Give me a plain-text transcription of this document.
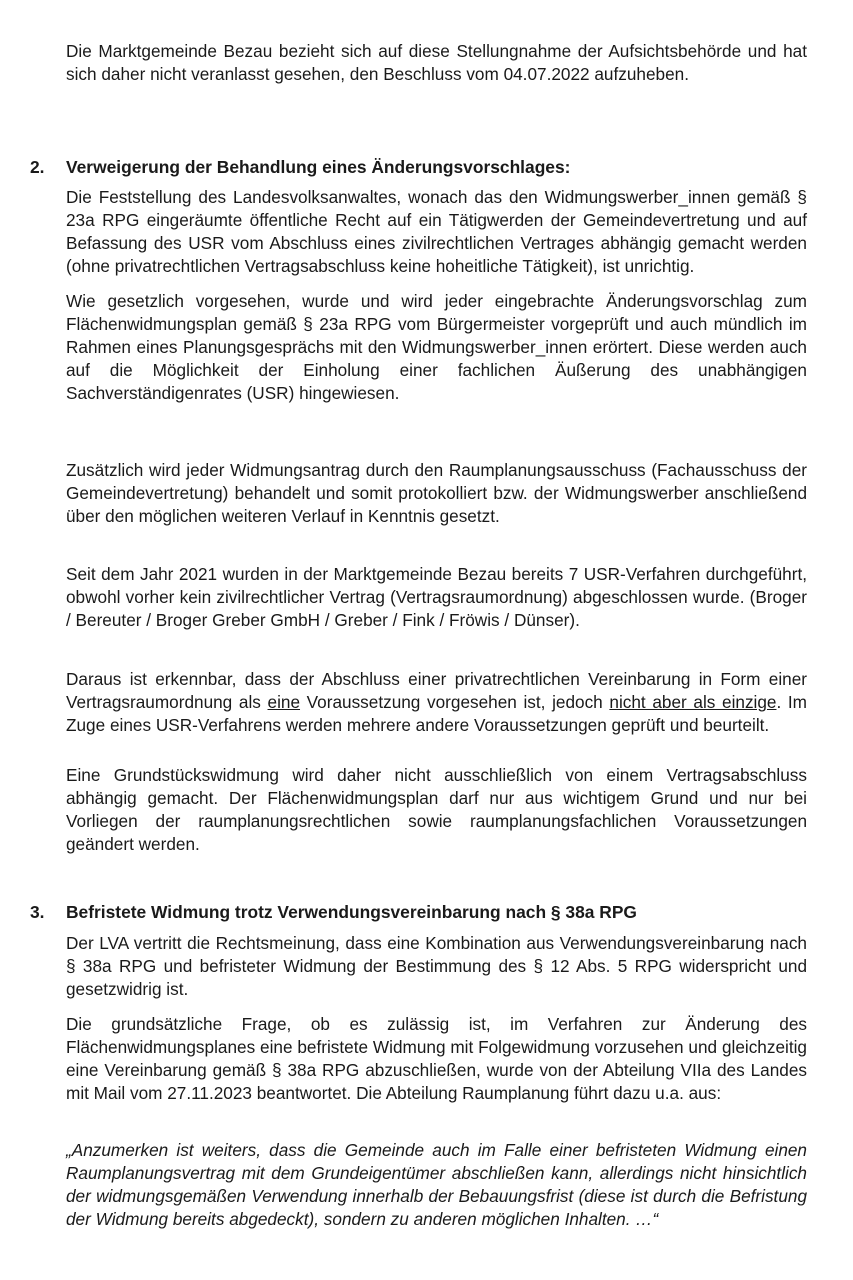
Die Marktgemeinde Bezau bezieht sich auf diese Stellungnahme der Aufsichtsbehörde und hat sich daher nicht veranlasst gesehen, den Beschluss vom 04.07.2022 aufzuheben.

2. Verweigerung der Behandlung eines Änderungsvorschlages:

Die Feststellung des Landesvolksanwaltes, wonach das den Widmungswerber_innen gemäß § 23a RPG eingeräumte öffentliche Recht auf ein Tätigwerden der Gemeindevertretung und auf Befassung des USR vom Abschluss eines zivilrechtlichen Vertrages abhängig gemacht werden (ohne privatrechtlichen Vertragsabschluss keine hoheitliche Tätigkeit), ist unrichtig.

Wie gesetzlich vorgesehen, wurde und wird jeder eingebrachte Änderungsvorschlag zum Flächenwidmungsplan gemäß § 23a RPG vom Bürgermeister vorgeprüft und auch mündlich im Rahmen eines Planungsgesprächs mit den Widmungswerber_innen erörtert. Diese werden auch auf die Möglichkeit der Einholung einer fachlichen Äußerung des unabhängigen Sachverständigenrates (USR) hingewiesen.

Zusätzlich wird jeder Widmungsantrag durch den Raumplanungsausschuss (Fachausschuss der Gemeindevertretung) behandelt und somit protokolliert bzw. der Widmungswerber anschließend über den möglichen weiteren Verlauf in Kenntnis gesetzt.

Seit dem Jahr 2021 wurden in der Marktgemeinde Bezau bereits 7 USR-Verfahren durchgeführt, obwohl vorher kein zivilrechtlicher Vertrag (Vertragsraumordnung) abgeschlossen wurde. (Broger / Bereuter / Broger Greber GmbH / Greber / Fink / Fröwis / Dünser).

Daraus ist erkennbar, dass der Abschluss einer privatrechtlichen Vereinbarung in Form einer Vertragsraumordnung als eine Voraussetzung vorgesehen ist, jedoch nicht aber als einzige. Im Zuge eines USR-Verfahrens werden mehrere andere Voraussetzungen geprüft und beurteilt.

Eine Grundstückswidmung wird daher nicht ausschließlich von einem Vertragsabschluss abhängig gemacht. Der Flächenwidmungsplan darf nur aus wichtigem Grund und nur bei Vorliegen der raumplanungsrechtlichen sowie raumplanungsfachlichen Voraussetzungen geändert werden.

3. Befristete Widmung trotz Verwendungsvereinbarung nach § 38a RPG

Der LVA vertritt die Rechtsmeinung, dass eine Kombination aus Verwendungsvereinbarung nach § 38a RPG und befristeter Widmung der Bestimmung des § 12 Abs. 5 RPG widerspricht und gesetzwidrig ist.

Die grundsätzliche Frage, ob es zulässig ist, im Verfahren zur Änderung des Flächenwidmungsplanes eine befristete Widmung mit Folgewidmung vorzusehen und gleichzeitig eine Vereinbarung gemäß § 38a RPG abzuschließen, wurde von der Abteilung VIIa des Landes mit Mail vom 27.11.2023 beantwortet. Die Abteilung Raumplanung führt dazu u.a. aus:

„Anzumerken ist weiters, dass die Gemeinde auch im Falle einer befristeten Widmung einen Raumplanungsvertrag mit dem Grundeigentümer abschließen kann, allerdings nicht hinsichtlich der widmungsgemäßen Verwendung innerhalb der Bebauungsfrist (diese ist durch die Befristung der Widmung bereits abgedeckt), sondern zu anderen möglichen Inhalten. …“
